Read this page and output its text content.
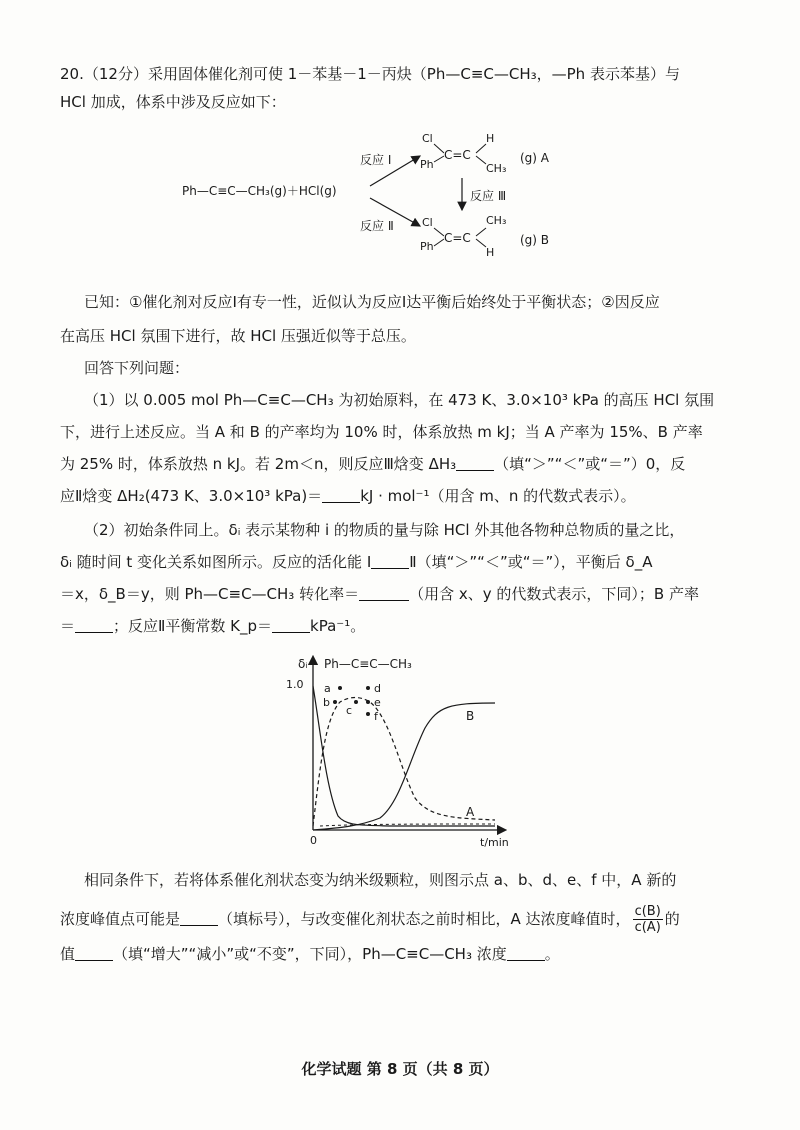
20.（12分）采用固体催化剂可使 1－苯基－1－丙炔（Ph—C≡C—CH₃，—Ph 表示苯基）与
HCl 加成，体系中涉及反应如下：
Ph—C≡C—CH₃(g)＋HCl(g)
反应 Ⅰ
反应 Ⅱ
Cl
Ph
C=C
H
CH₃
(g) A
反应 Ⅲ
Cl
Ph
C=C
CH₃
H
(g) B
已知：①催化剂对反应Ⅰ有专一性，近似认为反应Ⅰ达平衡后始终处于平衡状态；②因反应
在高压 HCl 氛围下进行，故 HCl 压强近似等于总压。
回答下列问题：
（1）以 0.005 mol Ph—C≡C—CH₃ 为初始原料，在 473 K、3.0×10³ kPa 的高压 HCl 氛围
下，进行上述反应。当 A 和 B 的产率均为 10% 时，体系放热 m kJ；当 A 产率为 15%、B 产率
为 25% 时，体系放热 n kJ。若 2m＜n，则反应Ⅲ焓变 ΔH₃	（填“＞”“＜”或“＝”）0，反
应Ⅱ焓变 ΔH₂(473 K、3.0×10³ kPa)＝	kJ · mol⁻¹（用含 m、n 的代数式表示）。
（2）初始条件同上。δᵢ 表示某物种 i 的物质的量与除 HCl 外其他各物种总物质的量之比，
δᵢ 随时间 t 变化关系如图所示。反应的活化能 Ⅰ	Ⅱ（填“＞”“＜”或“＝”），平衡后 δ_A
＝x，δ_B＝y，则 Ph—C≡C—CH₃ 转化率＝	（用含 x、y 的代数式表示，下同）；B 产率
＝	；反应Ⅱ平衡常数 K_p＝	kPa⁻¹。
δᵢ Ph—C≡C—CH₃
1.0
0	t/min
B
A
a
b
c
d
e
f
相同条件下，若将体系催化剂状态变为纳米级颗粒，则图示点 a、b、d、e、f 中，A 新的
浓度峰值点可能是	（填标号），与改变催化剂状态之前时相比，A 达浓度峰值时， $\frac{c(B)}{c(A)}$ 的
值	（填“增大”“减小”或“不变”，下同），Ph—C≡C—CH₃ 浓度	。
化学试题 第 8 页（共 8 页）
